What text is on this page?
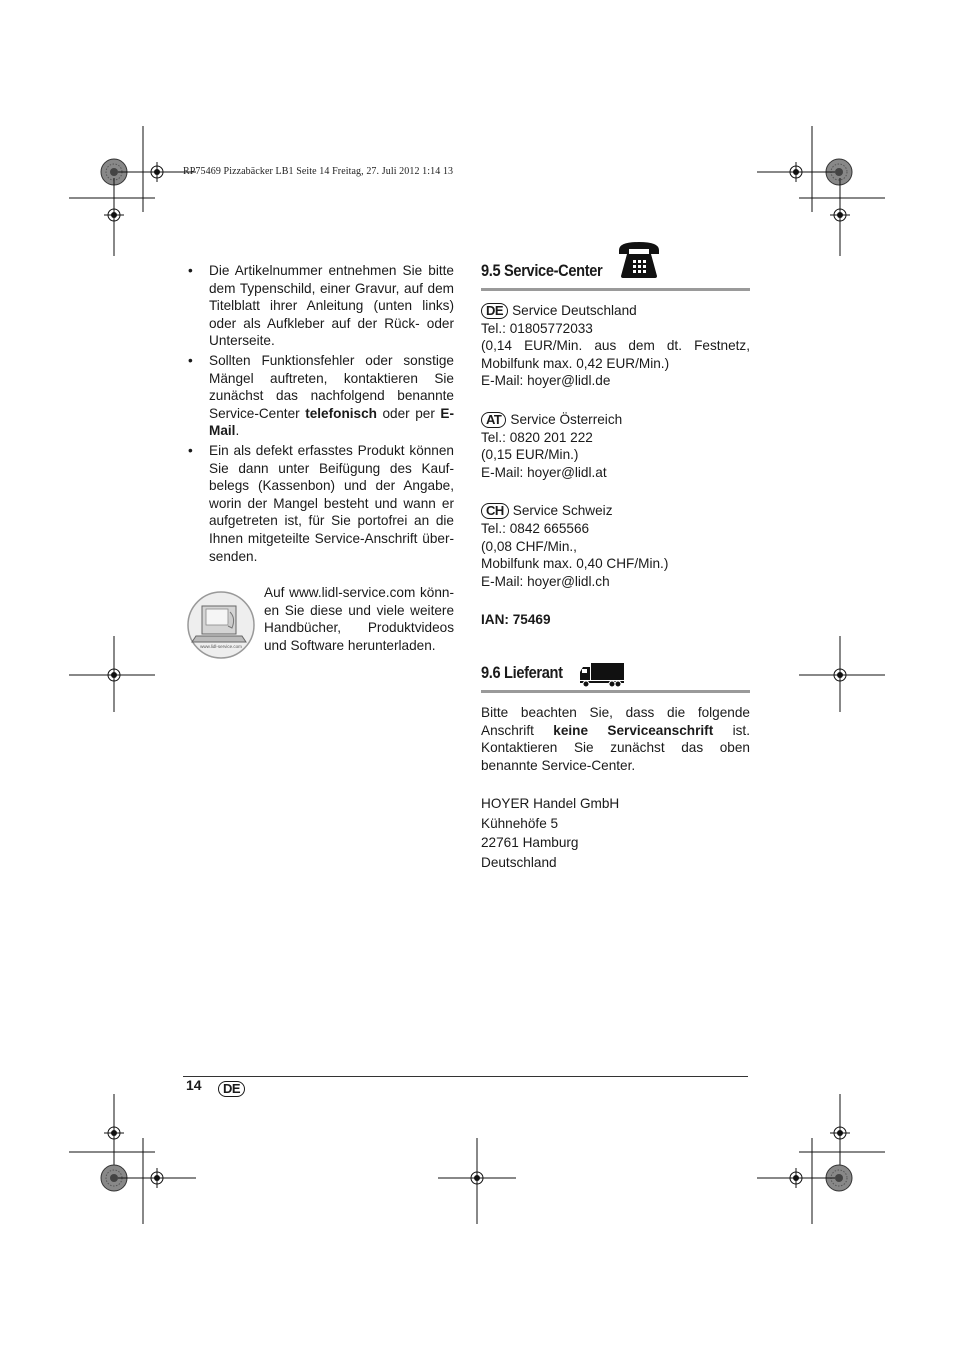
RP75469 Pizzabäcker LB1 Seite 14 Freitag, 27. Juli 2012 1:14 13
• Die Artikelnummer entnehmen Sie bitte dem Typenschild, einer Gravur, auf dem Titelblatt ihrer Anleitung (unten links) oder als Aufkleber auf der Rück- oder Unterseite.
• Sollten Funktionsfehler oder sonstige Mängel auftreten, kontaktieren Sie zunächst das nachfolgend benannte Service-Center telefonisch oder per E-Mail.
• Ein als defekt erfasstes Produkt können Sie dann unter Beifügung des Kaufbelegs (Kassenbon) und der Angabe, worin der Mangel besteht und wann er aufgetreten ist, für Sie portofrei an die Ihnen mitgeteilte Service-Anschrift übersenden.
www.lidl-service.com
Auf www.lidl-service.com können Sie diese und viele weitere Handbücher, Produktvideos und Software herunterladen.
9.5 Service-Center
DE Service Deutschland
Tel.: 01805772033
(0,14 EUR/Min. aus dem dt. Festnetz, Mobilfunk max. 0,42 EUR/Min.)
E-Mail: hoyer@lidl.de
AT Service Österreich
Tel.: 0820 201 222
(0,15 EUR/Min.)
E-Mail: hoyer@lidl.at
CH Service Schweiz
Tel.: 0842 665566
(0,08 CHF/Min.,
Mobilfunk max. 0,40 CHF/Min.)
E-Mail: hoyer@lidl.ch
IAN: 75469
9.6 Lieferant
Bitte beachten Sie, dass die folgende Anschrift keine Serviceanschrift ist. Kontaktieren Sie zunächst das oben benannte Service-Center.
HOYER Handel GmbH
Kühnehöfe 5
22761 Hamburg
Deutschland
14	DE
